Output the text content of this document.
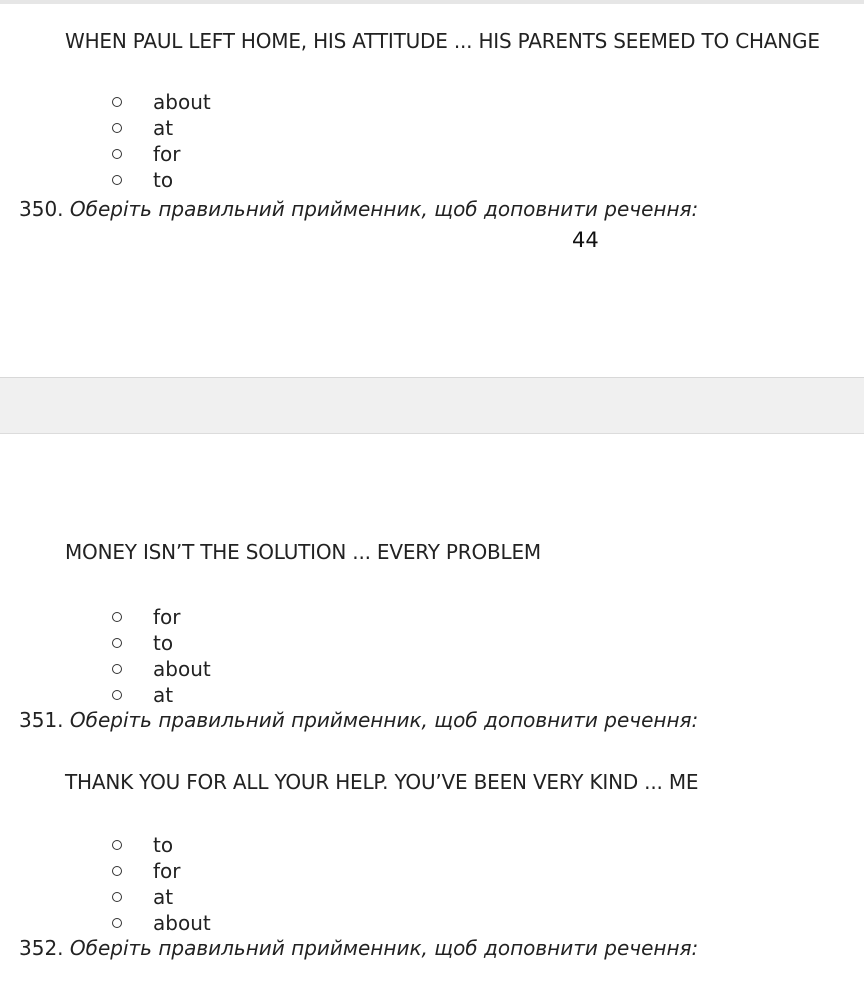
WHEN PAUL LEFT HOME, HIS ATTITUDE ... HIS PARENTS SEEMED TO CHANGE
about
at
for
to
350. Оберіть правильний прийменник, щоб доповнити речення:
44
MONEY ISN’T THE SOLUTION ... EVERY PROBLEM
for
to
about
at
351. Оберіть правильний прийменник, щоб доповнити речення:
THANK YOU FOR ALL YOUR HELP. YOU’VE BEEN VERY KIND ... ME
to
for
at
about
352. Оберіть правильний прийменник, щоб доповнити речення:
